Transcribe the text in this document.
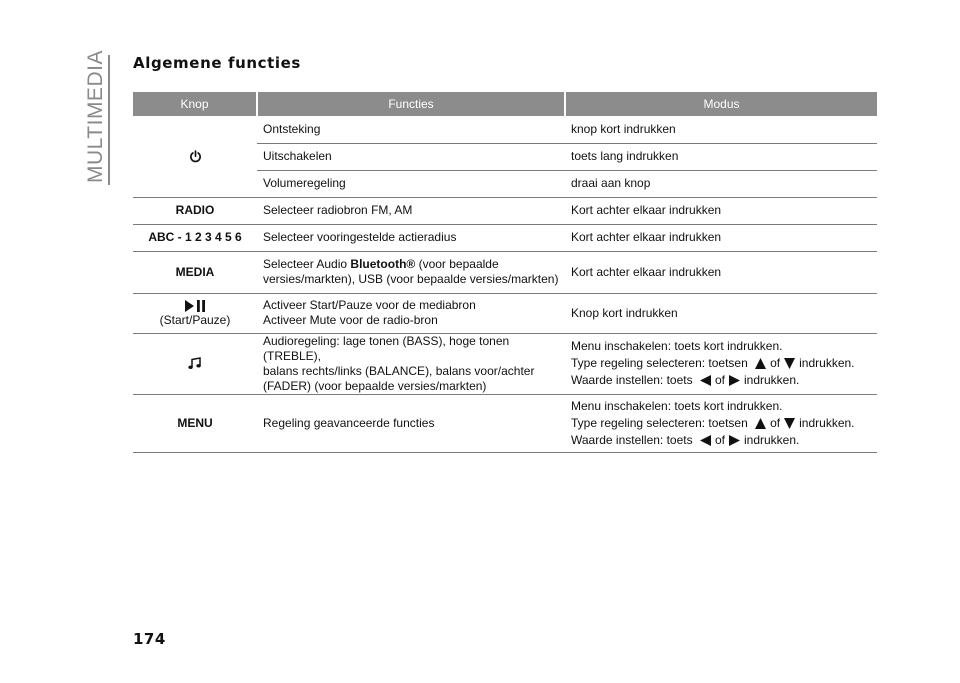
MULTIMEDIA Algemene functies
Knop	Functies	Modus
	Ontsteking	knop kort indrukken
	Uitschakelen	toets lang indrukken
	Volumeregeling	draai aan knop
RADIO	Selecteer radiobron FM, AM	Kort achter elkaar indrukken
ABC - 1 2 3 4 5 6	Selecteer vooringestelde actieradius	Kort achter elkaar indrukken
MEDIA	Selecteer Audio Bluetooth® (voor bepaalde
versies/markten), USB (voor bepaalde versies/markten)	Kort achter elkaar indrukken

(Start/Pauze)	Activeer Start/Pauze voor de mediabron
Activeer Mute voor de radio-bron	Knop kort indrukken
	Audioregeling: lage tonen (BASS), hoge tonen (TREBLE),
balans rechts/links (BALANCE), balans voor/achter
(FADER) (voor bepaalde versies/markten)	Menu inschakelen: toets kort indrukken.
Type regeling selecteren: toetsen of indrukken.
Waarde instellen: toets of indrukken.
MENU	Regeling geavanceerde functies	Menu inschakelen: toets kort indrukken.
Type regeling selecteren: toetsen of indrukken.
Waarde instellen: toets of indrukken.
174
